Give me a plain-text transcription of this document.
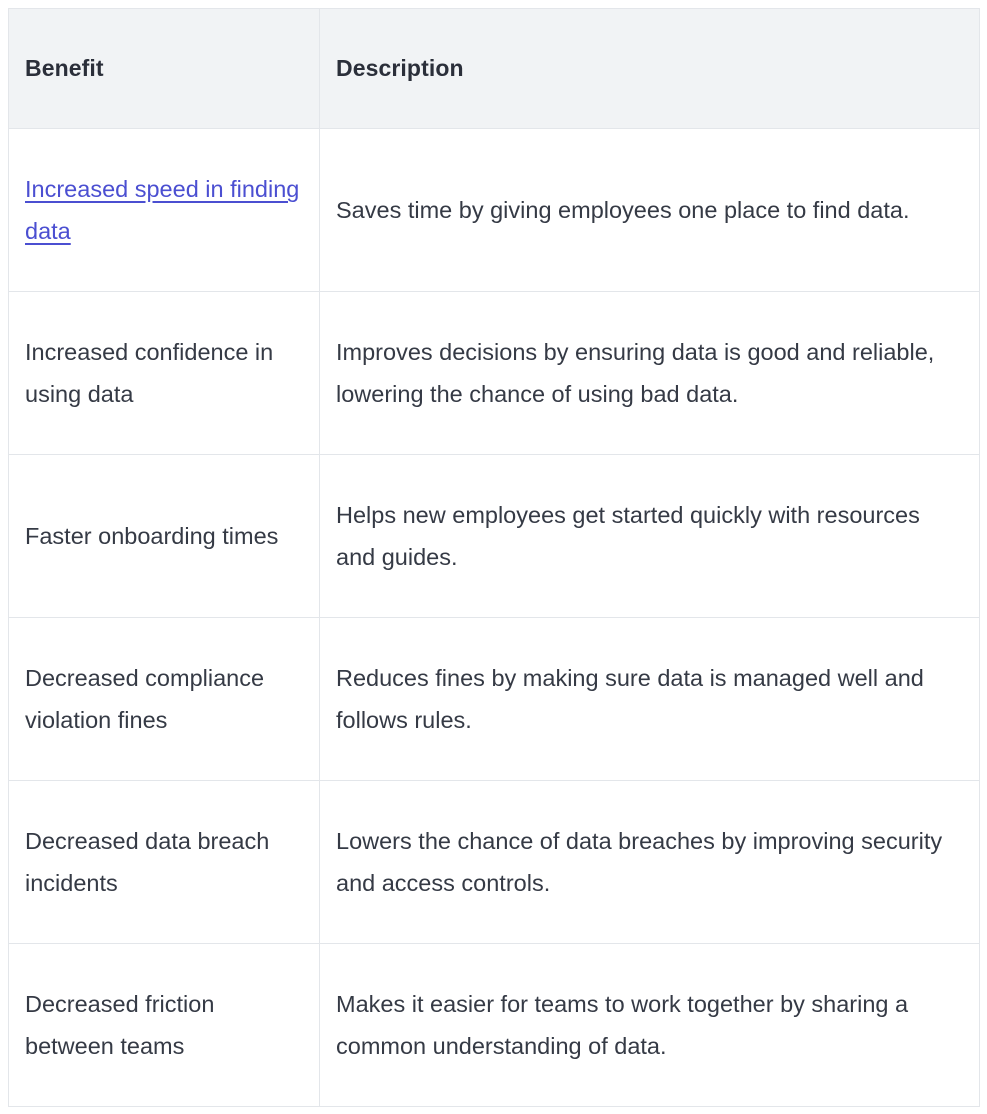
Benefit	Description
Increased speed in finding data	Saves time by giving employees one place to find data.
Increased confidence in using data	Improves decisions by ensuring data is good and reliable, lowering the chance of using bad data.
Faster onboarding times	Helps new employees get started quickly with resources and guides.
Decreased compliance violation fines	Reduces fines by making sure data is managed well and follows rules.
Decreased data breach incidents	Lowers the chance of data breaches by improving security and access controls.
Decreased friction between teams	Makes it easier for teams to work together by sharing a common understanding of data.
